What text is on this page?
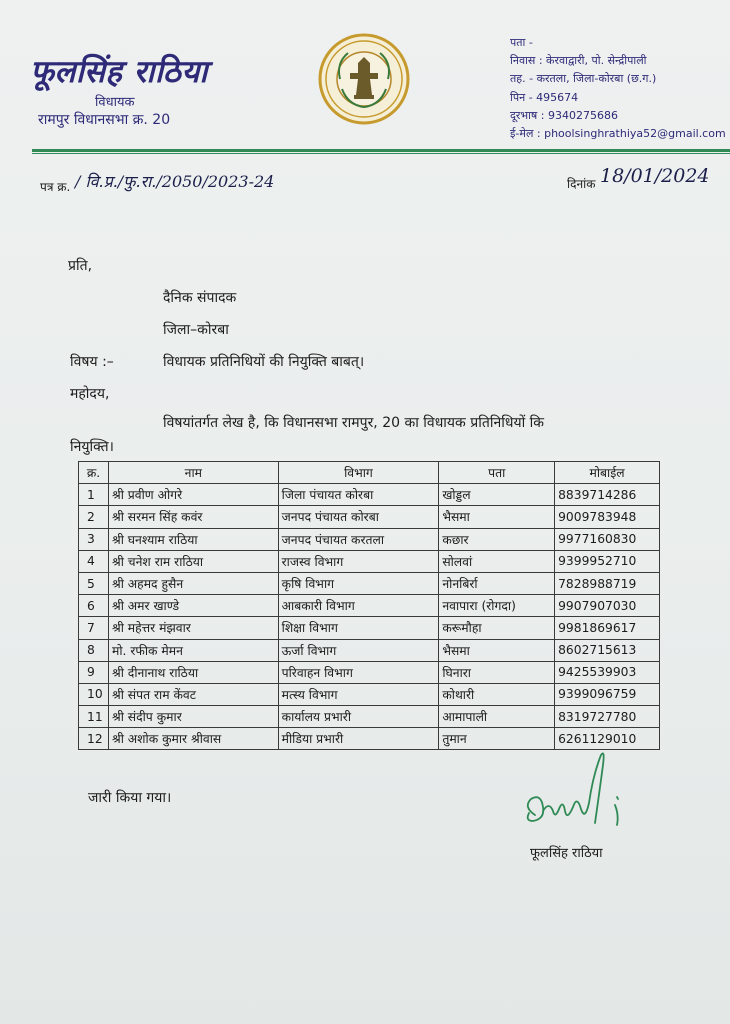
फूलसिंह राठिया
विधायक
रामपुर विधानसभा क्र. 20
पता -
निवास : केरवाद्वारी, पो. सेन्द्रीपाली
तह. - करतला, जिला-कोरबा (छ.ग.)
पिन - 495674
दूरभाष : 9340275686
ई-मेल : phoolsinghrathiya52@gmail.com
पत्र क्र. / वि.प्र./फु.रा./2050/2023-24	दिनांक 18/01/2024
प्रति,
दैनिक संपादक
जिला–कोरबा
विषय :–	विधायक प्रतिनिधियों की नियुक्ति बाबत्।
महोदय,
विषयांतर्गत लेख है, कि विधानसभा रामपुर, 20 का विधायक प्रतिनिधियों कि
नियुक्ति।
क्र.	नाम	विभाग	पता	मोबाईल
1	श्री प्रवीण ओगरे	जिला पंचायत कोरबा	खोड्डल	8839714286
2	श्री सरमन सिंह कवंर	जनपद पंचायत कोरबा	भैसमा	9009783948
3	श्री घनश्याम राठिया	जनपद पंचायत करतला	कछार	9977160830
4	श्री चनेश राम राठिया	राजस्व विभाग	सोलवां	9399952710
5	श्री अहमद हुसैन	कृषि विभाग	नोनबिर्रा	7828988719
6	श्री अमर खाण्डे	आबकारी विभाग	नवापारा (रोगदा)	9907907030
7	श्री महेत्तर मंझवार	शिक्षा विभाग	करूमौहा	9981869617
8	मो. रफीक मेमन	ऊर्जा विभाग	भैसमा	8602715613
9	श्री दीनानाथ राठिया	परिवाहन विभाग	घिनारा	9425539903
10	श्री संपत राम केंवट	मत्स्य विभाग	कोथारी	9399096759
11	श्री संदीप कुमार	कार्यालय प्रभारी	आमापाली	8319727780
12	श्री अशोक कुमार श्रीवास	मीडिया प्रभारी	तुमान	6261129010
जारी किया गया।
फूलसिंह राठिया
